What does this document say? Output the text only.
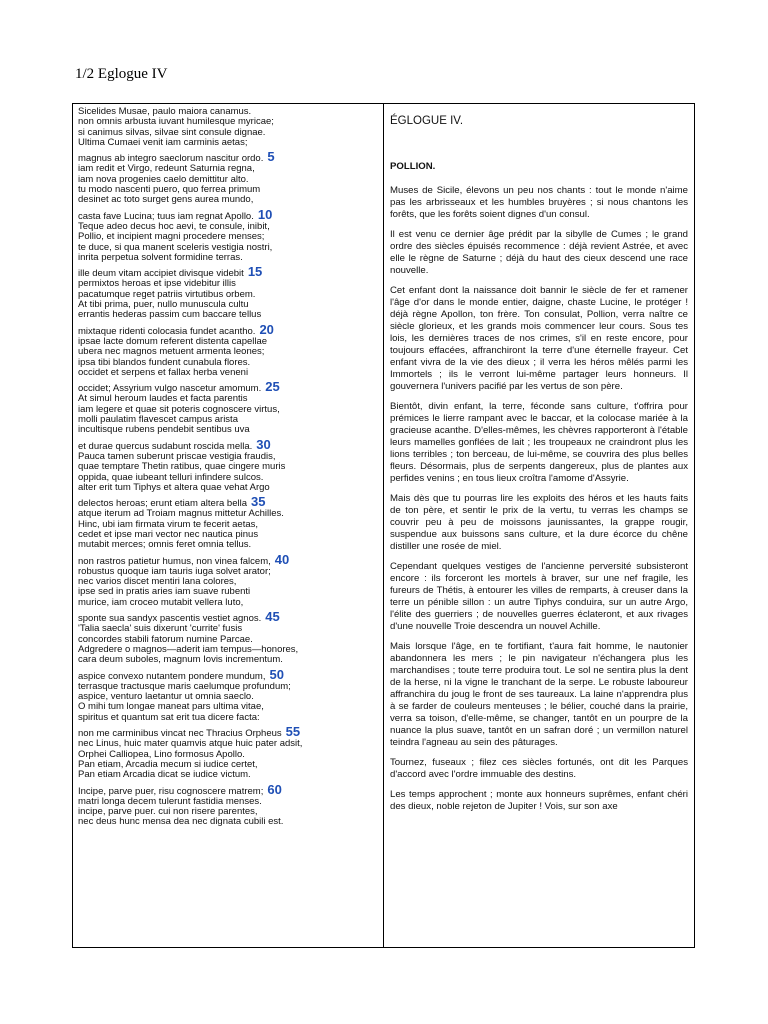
1/2 Eglogue IV
Sicelides Musae, paulo maiora canamus.
non omnis arbusta iuvant humilesque myricae;
si canimus silvas, silvae sint consule dignae.
Ultima Cumaei venit iam carminis aetas;
magnus ab integro saeclorum nascitur ordo. 5
iam redit et Virgo, redeunt Saturnia regna,
iam nova progenies caelo demittitur alto.
tu modo nascenti puero, quo ferrea primum
desinet ac toto surget gens aurea mundo,
casta fave Lucina; tuus iam regnat Apollo. 10
Teque adeo decus hoc aevi, te consule, inibit,
Pollio, et incipient magni procedere menses;
te duce, si qua manent sceleris vestigia nostri,
inrita perpetua solvent formidine terras.
ille deum vitam accipiet divisque videbit 15
permixtos heroas et ipse videbitur illis
pacatumque reget patriis virtutibus orbem.
At tibi prima, puer, nullo munuscula cultu
errantis hederas passim cum baccare tellus
mixtaque ridenti colocasia fundet acantho. 20
ipsae lacte domum referent distenta capellae
ubera nec magnos metuent armenta leones;
ipsa tibi blandos fundent cunabula flores.
occidet et serpens et fallax herba veneni
occidet; Assyrium vulgo nascetur amomum. 25
At simul heroum laudes et facta parentis
iam legere et quae sit poteris cognoscere virtus,
molli paulatim flavescet campus arista
incultisque rubens pendebit sentibus uva
et durae quercus sudabunt roscida mella. 30
Pauca tamen suberunt priscae vestigia fraudis,
quae temptare Thetin ratibus, quae cingere muris
oppida, quae iubeant telluri infindere sulcos.
alter erit tum Tiphys et altera quae vehat Argo
delectos heroas; erunt etiam altera bella 35
atque iterum ad Troiam magnus mittetur Achilles.
Hinc, ubi iam firmata virum te fecerit aetas,
cedet et ipse mari vector nec nautica pinus
mutabit merces; omnis feret omnia tellus.
non rastros patietur humus, non vinea falcem, 40
robustus quoque iam tauris iuga solvet arator;
nec varios discet mentiri lana colores,
ipse sed in pratis aries iam suave rubenti
murice, iam croceo mutabit vellera luto,
sponte sua sandyx pascentis vestiet agnos. 45
'Talia saecla' suis dixerunt 'currite' fusis
concordes stabili fatorum numine Parcae.
Adgredere o magnos—aderit iam tempus—honores,
cara deum suboles, magnum Iovis incrementum.
aspice convexo nutantem pondere mundum, 50
terrasque tractusque maris caelumque profundum;
aspice, venturo laetantur ut omnia saeclo.
O mihi tum longae maneat pars ultima vitae,
spiritus et quantum sat erit tua dicere facta:
non me carminibus vincat nec Thracius Orpheus 55
nec Linus, huic mater quamvis atque huic pater adsit,
Orphei Calliopea, Lino formosus Apollo.
Pan etiam, Arcadia mecum si iudice certet,
Pan etiam Arcadia dicat se iudice victum.
Incipe, parve puer, risu cognoscere matrem; 60
matri longa decem tulerunt fastidia menses.
incipe, parve puer. cui non risere parentes,
nec deus hunc mensa dea nec dignata cubili est.
ÉGLOGUE IV.
POLLION.

Muses de Sicile, élevons un peu nos chants : tout le monde n'aime pas les arbrisseaux et les humbles bruyères ; si nous chantons les forêts, que les forêts soient dignes d'un consul.

Il est venu ce dernier âge prédit par la sibylle de Cumes ; le grand ordre des siècles épuisés recommence : déjà revient Astrée, et avec elle le règne de Saturne ; déjà du haut des cieux descend une race nouvelle.

Cet enfant dont la naissance doit bannir le siècle de fer et ramener l'âge d'or dans le monde entier, daigne, chaste Lucine, le protéger ! déjà règne Apollon, ton frère. Ton consulat, Pollion, verra naître ce siècle glorieux, et les grands mois commencer leur cours. Sous tes lois, les dernières traces de nos crimes, s'il en reste encore, pour toujours effacées, affranchiront la terre d'une éternelle frayeur. Cet enfant vivra de la vie des dieux ; il verra les héros mêlés parmi les Immortels ; ils le verront lui-même partager leurs honneurs. Il gouvernera l'univers pacifié par les vertus de son père.

Bientôt, divin enfant, la terre, féconde sans culture, t'offrira pour prémices le lierre rampant avec le baccar, et la colocase mariée à la gracieuse acanthe. D'elles-mêmes, les chèvres rapporteront à l'étable leurs mamelles gonflées de lait ; les troupeaux ne craindront plus les lions terribles ; ton berceau, de lui-même, se couvrira des plus belles fleurs. Désormais, plus de serpents dangereux, plus de plantes aux perfides venins ; en tous lieux croîtra l'amome d'Assyrie.

Mais dès que tu pourras lire les exploits des héros et les hauts faits de ton père, et sentir le prix de la vertu, tu verras les champs se couvrir peu à peu de moissons jaunissantes, la grappe rougir, suspendue aux buissons sans culture, et la dure écorce du chêne distiller une rosée de miel.

Cependant quelques vestiges de l'ancienne perversité subsisteront encore : ils forceront les mortels à braver, sur une nef fragile, les fureurs de Thétis, à entourer les villes de remparts, à creuser dans la terre un pénible sillon : un autre Tiphys conduira, sur un autre Argo, l'élite des guerriers ; de nouvelles guerres éclateront, et aux rivages d'une nouvelle Troie descendra un nouvel Achille.

Mais lorsque l'âge, en te fortifiant, t'aura fait homme, le nautonier abandonnera les mers ; le pin navigateur n'échangera plus les marchandises ; toute terre produira tout. Le sol ne sentira plus la dent de la herse, ni la vigne le tranchant de la serpe. Le robuste laboureur affranchira du joug le front de ses taureaux. La laine n'apprendra plus à se farder de couleurs menteuses ; le bélier, couché dans la prairie, verra sa toison, d'elle-même, se changer, tantôt en un pourpre de la nuance la plus suave, tantôt en un safran doré ; un vermillon naturel teindra l'agneau au sein des pâturages.

Tournez, fuseaux ; filez ces siècles fortunés, ont dit les Parques d'accord avec l'ordre immuable des destins.

Les temps approchent ; monte aux honneurs suprêmes, enfant chéri des dieux, noble rejeton de Jupiter ! Vois, sur son axe
